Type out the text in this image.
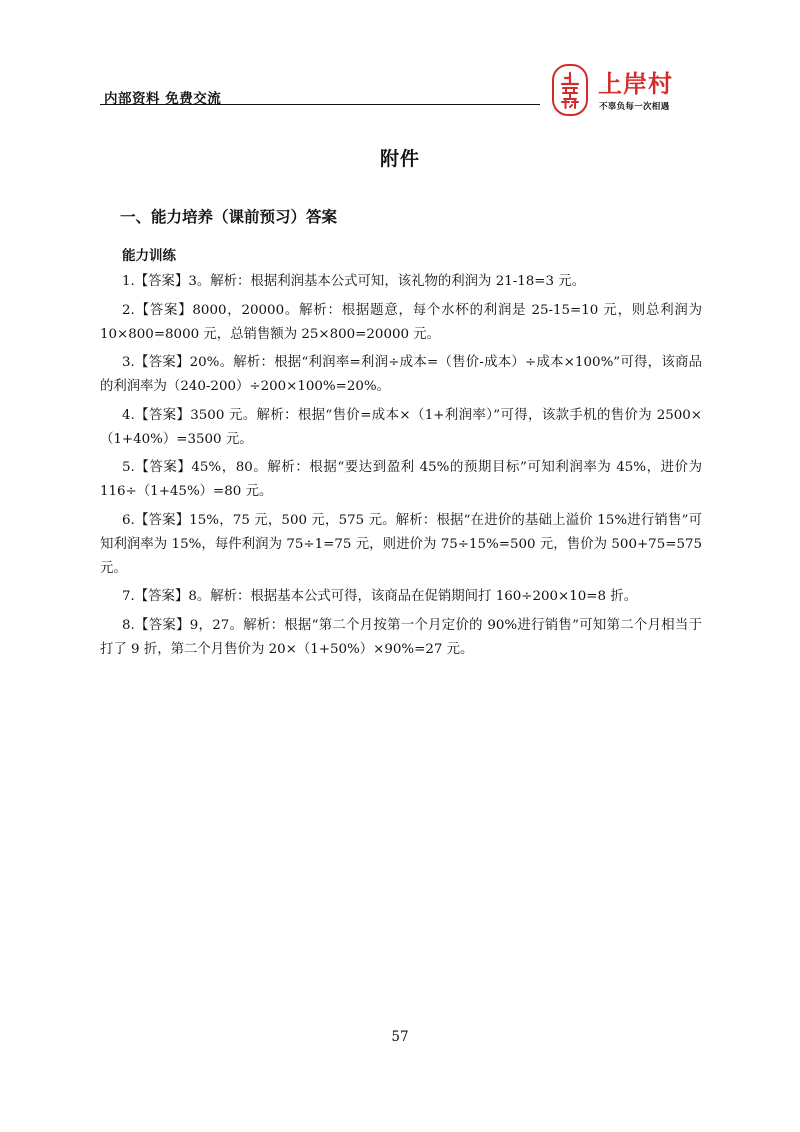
内部资料 免费交流
上岸村
不辜负每一次相遇
附件
一、能力培养（课前预习）答案
能力训练

1.【答案】3。解析：根据利润基本公式可知，该礼物的利润为 21-18=3 元。

2.【答案】8000，20000。解析：根据题意，每个水杯的利润是 25-15=10 元，则总利润为 10×800=8000 元，总销售额为 25×800=20000 元。

3.【答案】20%。解析：根据“利润率=利润÷成本=（售价-成本）÷成本×100%”可得，该商品的利润率为（240-200）÷200×100%=20%。

4.【答案】3500 元。解析：根据“售价=成本×（1+利润率）”可得，该款手机的售价为 2500×（1+40%）=3500 元。

5.【答案】45%，80。解析：根据“要达到盈利 45%的预期目标”可知利润率为 45%，进价为 116÷（1+45%）=80 元。

6.【答案】15%，75 元，500 元，575 元。解析：根据“在进价的基础上溢价 15%进行销售”可知利润率为 15%，每件利润为 75÷1=75 元，则进价为 75÷15%=500 元，售价为 500+75=575 元。

7.【答案】8。解析：根据基本公式可得，该商品在促销期间打 160÷200×10=8 折。

8.【答案】9，27。解析：根据“第二个月按第一个月定价的 90%进行销售”可知第二个月相当于打了 9 折，第二个月售价为 20×（1+50%）×90%=27 元。

57
